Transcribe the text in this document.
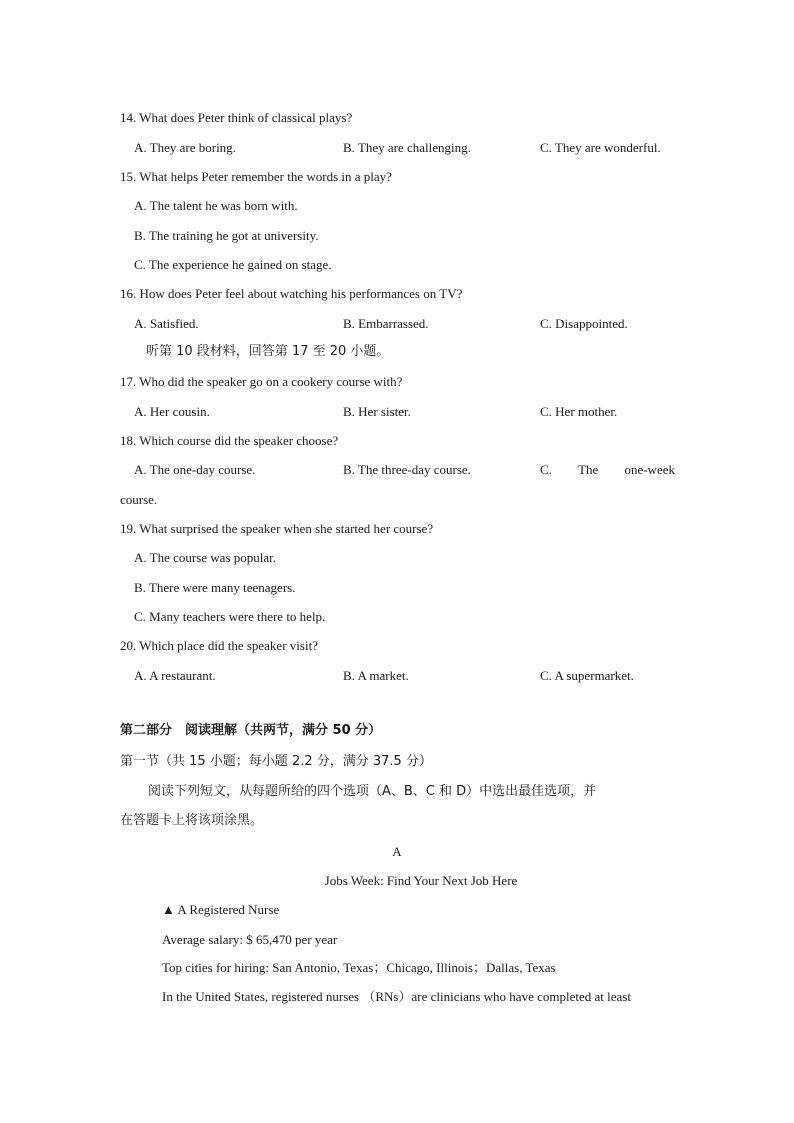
14. What does Peter think of classical plays?
A. They are boring.	B. They are challenging.	C. They are wonderful.
15. What helps Peter remember the words in a play?
A. The talent he was born with.
B. The training he got at university.
C. The experience he gained on stage.
16. How does Peter feel about watching his performances on TV?
A. Satisfied.	B. Embarrassed.	C. Disappointed.
听第 10 段材料，回答第 17 至 20 小题。
17. Who did the speaker go on a cookery course with?
A. Her cousin.	B. Her sister.	C. Her mother.
18. Which course did the speaker choose?
A. The one-day course.	B. The three-day course.	C. The one-week
course.
19. What surprised the speaker when she started her course?
A. The course was popular.
B. There were many teenagers.
C. Many teachers were there to help.
20. Which place did the speaker visit?
A. A restaurant.	B. A market.	C. A supermarket.
第二部分　阅读理解（共两节，满分 50 分）
第一节（共 15 小题；每小题 2.2 分，满分 37.5 分）
阅读下列短文，从每题所给的四个选项（A、B、C 和 D）中选出最佳选项，并
在答题卡上将该项涂黑。
A
Jobs Week: Find Your Next Job Here
▲ A Registered Nurse
Average salary: $ 65,470 per year
Top cities for hiring: San Antonio, Texas；Chicago, Illinois；Dallas, Texas
In the United States, registered nurses （RNs）are clinicians who have completed at least
